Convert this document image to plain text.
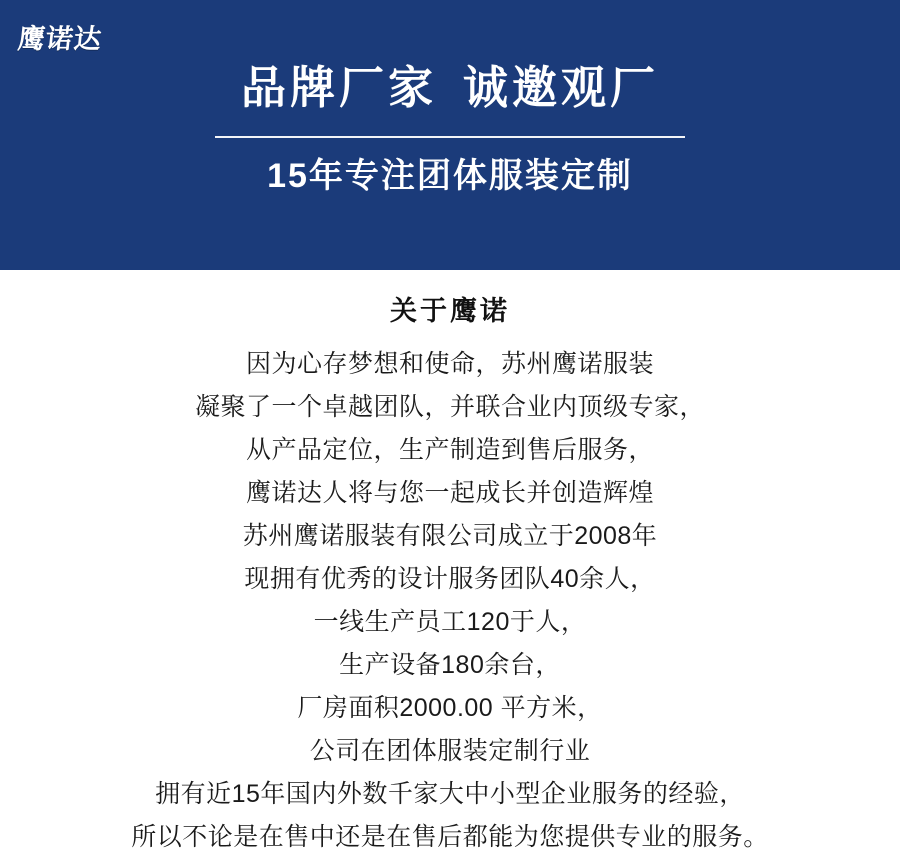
鹰诺达
品牌厂家 诚邀观厂
15年专注团体服装定制
关于鹰诺
因为心存梦想和使命，苏州鹰诺服装
凝聚了一个卓越团队，并联合业内顶级专家，
从产品定位，生产制造到售后服务，
鹰诺达人将与您一起成长并创造辉煌
苏州鹰诺服装有限公司成立于2008年
现拥有优秀的设计服务团队40余人，
一线生产员工120于人，
生产设备180余台，
厂房面积2000.00 平方米，
公司在团体服装定制行业
拥有近15年国内外数千家大中小型企业服务的经验，
所以不论是在售中还是在售后都能为您提供专业的服务。
